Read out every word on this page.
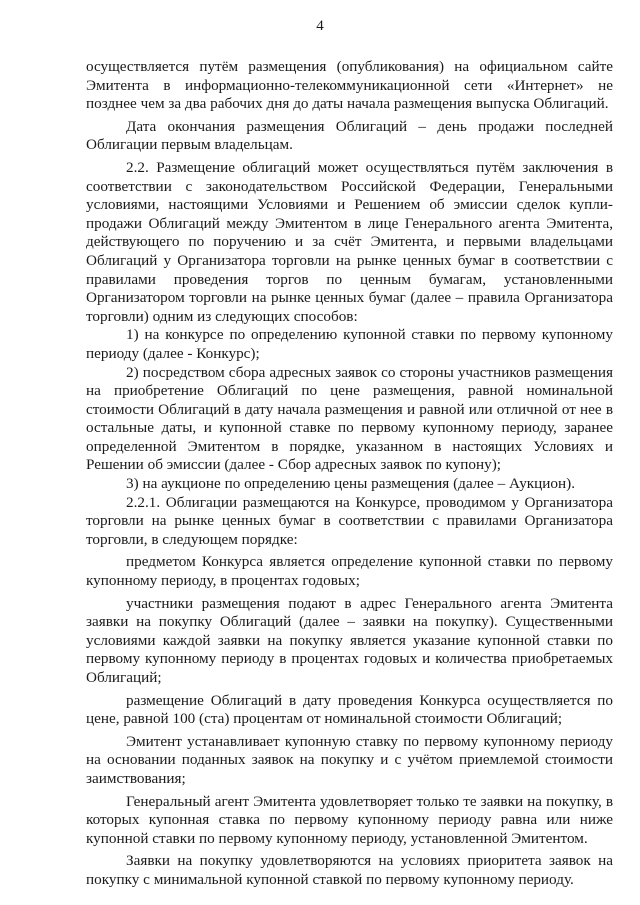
4

осуществляется путём размещения (опубликования) на официальном сайте Эмитента в информационно-телекоммуникационной сети «Интернет» не позднее чем за два рабочих дня до даты начала размещения выпуска Облигаций.

Дата окончания размещения Облигаций – день продажи последней Облигации первым владельцам.

2.2. Размещение облигаций может осуществляться путём заключения в соответствии с законодательством Российской Федерации, Генеральными условиями, настоящими Условиями и Решением об эмиссии сделок купли-продажи Облигаций между Эмитентом в лице Генерального агента Эмитента, действующего по поручению и за счёт Эмитента, и первыми владельцами Облигаций у Организатора торговли на рынке ценных бумаг в соответствии с правилами проведения торгов по ценным бумагам, установленными Организатором торговли на рынке ценных бумаг (далее – правила Организатора торговли) одним из следующих способов:

1) на конкурсе по определению купонной ставки по первому купонному периоду (далее - Конкурс);

2) посредством сбора адресных заявок со стороны участников размещения на приобретение Облигаций по цене размещения, равной номинальной стоимости Облигаций в дату начала размещения и равной или отличной от нее в остальные даты, и купонной ставке по первому купонному периоду, заранее определенной Эмитентом в порядке, указанном в настоящих Условиях и Решении об эмиссии (далее - Сбор адресных заявок по купону);

3) на аукционе по определению цены размещения (далее – Аукцион).

2.2.1. Облигации размещаются на Конкурсе, проводимом у Организатора торговли на рынке ценных бумаг в соответствии с правилами Организатора торговли, в следующем порядке:

предметом Конкурса является определение купонной ставки по первому купонному периоду, в процентах годовых;

участники размещения подают в адрес Генерального агента Эмитента заявки на покупку Облигаций (далее – заявки на покупку). Существенными условиями каждой заявки на покупку является указание купонной ставки по первому купонному периоду в процентах годовых и количества приобретаемых Облигаций;

размещение Облигаций в дату проведения Конкурса осуществляется по цене, равной 100 (ста) процентам от номинальной стоимости Облигаций;

Эмитент устанавливает купонную ставку по первому купонному периоду на основании поданных заявок на покупку и с учётом приемлемой стоимости заимствования;

Генеральный агент Эмитента удовлетворяет только те заявки на покупку, в которых купонная ставка по первому купонному периоду равна или ниже купонной ставки по первому купонному периоду, установленной Эмитентом.

Заявки на покупку удовлетворяются на условиях приоритета заявок на покупку с минимальной купонной ставкой по первому купонному периоду.
